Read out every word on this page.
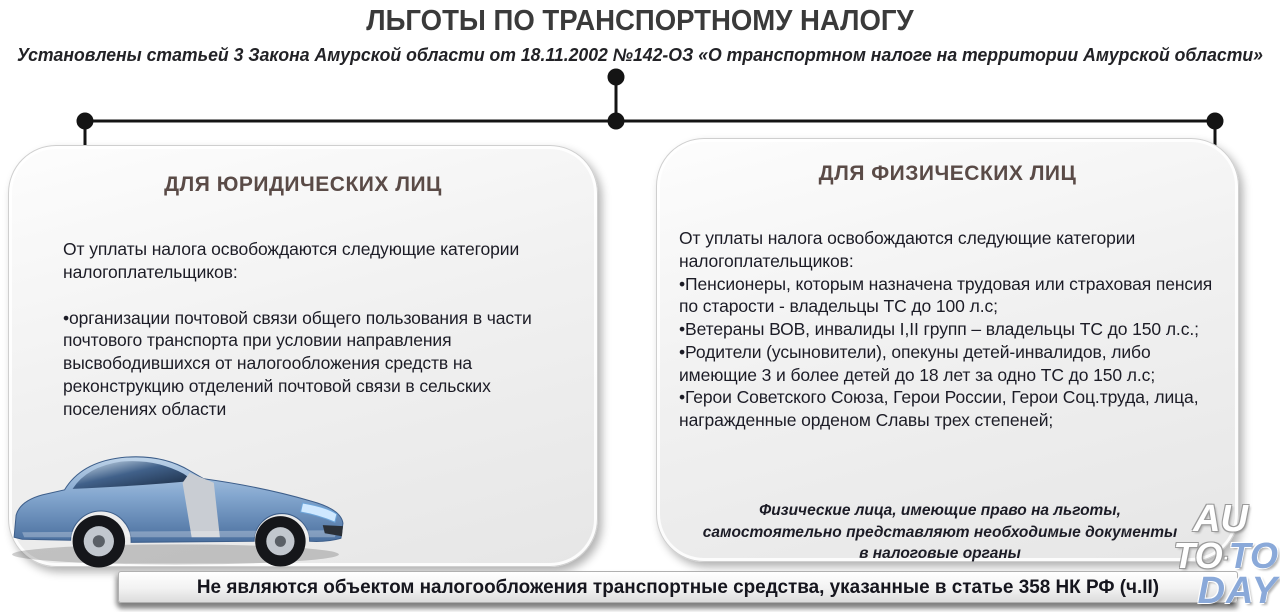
ЛЬГОТЫ ПО ТРАНСПОРТНОМУ НАЛОГУ
Установлены статьей 3 Закона Амурской области от 18.11.2002 №142-ОЗ «О транспортном налоге на территории Амурской области»
ДЛЯ ЮРИДИЧЕСКИХ ЛИЦ

От уплаты налога освобождаются следующие категории налогоплательщиков:

•организации почтовой связи общего пользования в части почтового транспорта при условии направления высвободившихся от налогообложения средств на реконструкцию отделений почтовой связи в сельских поселениях области

ДЛЯ ФИЗИЧЕСКИХ ЛИЦ

От уплаты налога освобождаются следующие категории налогоплательщиков:

•Пенсионеры, которым назначена трудовая или страховая пенсия по старости - владельцы ТС до 100 л.с;

•Ветераны ВОВ, инвалиды I,II групп – владельцы ТС до 150 л.с.;

•Родители (усыновители), опекуны детей-инвалидов, либо имеющие 3 и более детей до 18 лет за одно ТС до 150 л.с;

•Герои Советского Союза, Герои России, Герои Соц.труда, лица, награжденные орденом Славы трех степеней;

Физические лица, имеющие право на льготы, самостоятельно представляют необходимые документы в налоговые органы
Не являются объектом налогообложения транспортные средства, указанные в статье 358 НК РФ (ч.II)
AU
TO·TO
DAY
